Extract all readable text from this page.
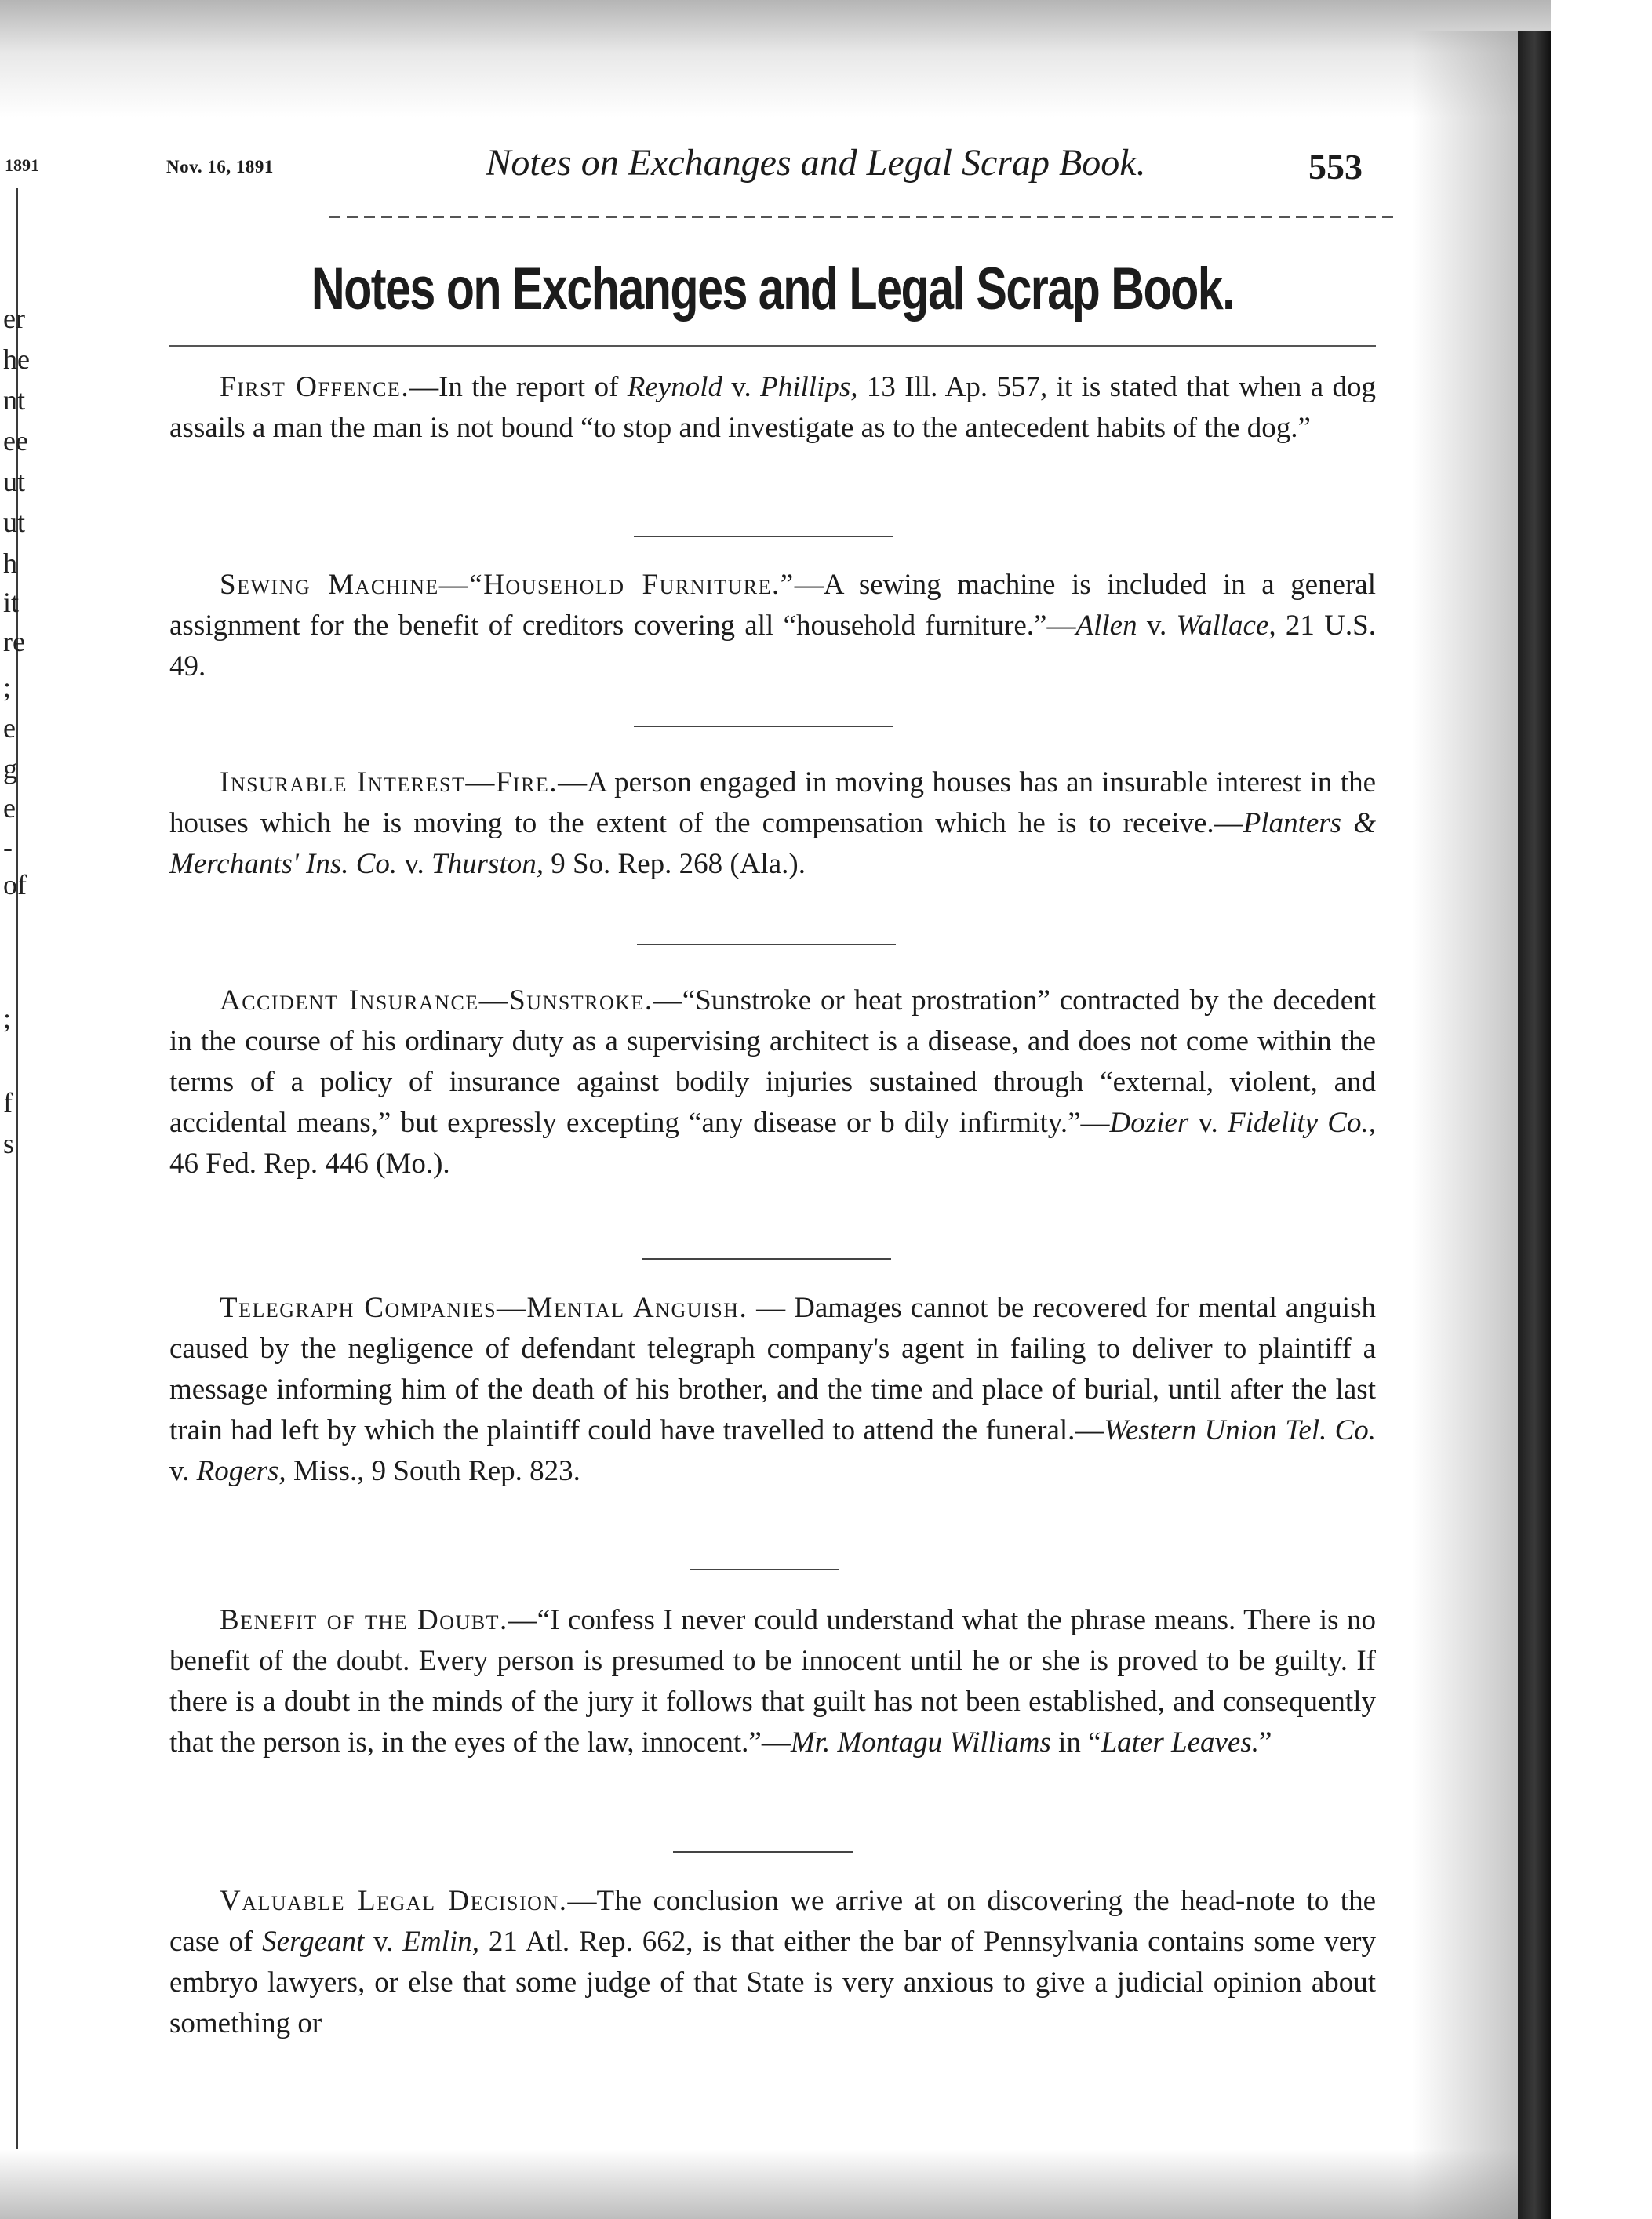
1891
er
he
nt
ee
ut
ut
h
it
re
;
e
g
e
-
of
;
f
s
Nov. 16, 1891	Notes on Exchanges and Legal Scrap Book.	553
Notes on Exchanges and Legal Scrap Book.
First Offence.—In the report of Reynold v. Phillips, 13 Ill. Ap. 557, it is stated that when a dog assails a man the man is not bound “to stop and investigate as to the antecedent habits of the dog.”
Sewing Machine—“Household Furniture.”—A sewing machine is included in a general assignment for the benefit of creditors covering all “household furniture.”—Allen v. Wallace, 21 U.S. 49.
Insurable Interest—Fire.—A person engaged in moving houses has an insurable interest in the houses which he is moving to the extent of the compensation which he is to receive.—Planters & Merchants' Ins. Co. v. Thurston, 9 So. Rep. 268 (Ala.).
Accident Insurance—Sunstroke.—“Sunstroke or heat prostration” contracted by the decedent in the course of his ordinary duty as a supervising architect is a disease, and does not come within the terms of a policy of insurance against bodily injuries sustained through “external, violent, and accidental means,” but expressly excepting “any disease or b dily infirmity.”—Dozier v. Fidelity Co., 46 Fed. Rep. 446 (Mo.).
Telegraph Companies—Mental Anguish. — Damages cannot be recovered for mental anguish caused by the negligence of defendant telegraph company's agent in failing to deliver to plaintiff a message informing him of the death of his brother, and the time and place of burial, until after the last train had left by which the plaintiff could have travelled to attend the funeral.—Western Union Tel. Co. v. Rogers, Miss., 9 South Rep. 823.
Benefit of the Doubt.—“I confess I never could understand what the phrase means. There is no benefit of the doubt. Every person is presumed to be innocent until he or she is proved to be guilty. If there is a doubt in the minds of the jury it follows that guilt has not been established, and consequently that the person is, in the eyes of the law, innocent.”—Mr. Montagu Williams in “Later Leaves.”
Valuable Legal Decision.—The conclusion we arrive at on discovering the head-note to the case of Sergeant v. Emlin, 21 Atl. Rep. 662, is that either the bar of Pennsylvania contains some very embryo lawyers, or else that some judge of that State is very anxious to give a judicial opinion about something or
